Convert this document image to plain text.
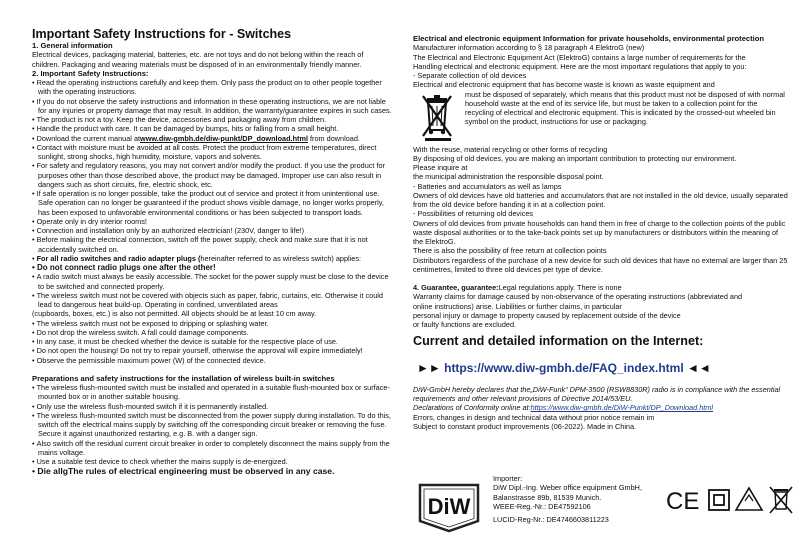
Important Safety Instructions for - Switches
1. General information
Electrical devices, packaging material, batteries, etc. are not toys and do not belong within the reach of children. Packaging and wearing materials must be disposed of in an environmentally friendly manner.
2. Important Safety Instructions:
• Read the operating instructions carefully and keep them. Only pass the product on to other people together with the operating instructions.
• If you do not observe the safety instructions and information in these operating instructions, we are not liable for any injuries or property damage that may result. In addition, the warranty/guarantee expires in such cases.
• The product is not a toy. Keep the device, accessories and packaging away from children.
• Handle the product with care. It can be damaged by bumps, hits or falling from a small height.
• Download the current manual atwww.diw-gmbh.de/diw-punkt/DP_download.html from download.
• Contact with moisture must be avoided at all costs. Protect the product from extreme temperatures, direct sunlight, strong shocks, high humidity, moisture, vapors and solvents.
• For safety and regulatory reasons, you may not convert and/or modify the product. If you use the product for purposes other than those described above, the product may be damaged. Improper use can also result in dangers such as short circuits, fire, electric shock, etc.
• If safe operation is no longer possible, take the product out of service and protect it from unintentional use. Safe operation can no longer be guaranteed if the product shows visible damage, no longer works properly, has been exposed to unfavorable environmental conditions or has been subjected to transport loads.
• Operate only in dry interior rooms!
• Connection and installation only by an authorized electrician! (230V, danger to life!)
• Before making the electrical connection, switch off the power supply, check and make sure that it is not accidentally switched on.
• For all radio switches and radio adapter plugs (hereinafter referred to as wireless switch) applies:
• Do not connect radio plugs one after the other!
• A radio switch must always be easily accessible. The socket for the power supply must be close to the device to be switched and connected properly.
• The wireless switch must not be covered with objects such as paper, fabric, curtains, etc. Otherwise it could lead to dangerous heat build-up. Operating in confined, unventilated areas
(cupboards, boxes, etc.) is also not permitted. All objects should be at least 10 cm away.
• The wireless switch must not be exposed to dripping or splashing water.
• Do not drop the wireless switch. A fall could damage components.
• In any case, it must be checked whether the device is suitable for the respective place of use.
• Do not open the housing! Do not try to repair yourself, otherwise the approval will expire immediately!
• Observe the permissible maximum power (W) of the connected device.
Preparations and safety instructions for the installation of wireless built-in switches
• The wireless flush-mounted switch must be installed and operated in a suitable flush-mounted box or surface-mounted box or in another suitable housing.
• Only use the wireless flush-mounted switch if it is permanently installed.
• The wireless flush-mounted switch must be disconnected from the power supply during installation. To do this, switch off the electrical mains supply by switching off the corresponding circuit breaker or removing the fuse. Secure it against unauthorized restarting, e.g. B. with a danger sign.
• Also switch off the residual current circuit breaker in order to completely disconnect the mains supply from the mains voltage.
• Use a suitable test device to check whether the mains supply is de-energized.
• Die allgThe rules of electrical engineering must be observed in any case.
Electrical and electronic equipment Information for private households, environmental protection
Manufacturer information according to § 18 paragraph 4 ElektroG (new)
The Electrical and Electronic Equipment Act (ElektroG) contains a large number of requirements for the
Handling electrical and electronic equipment. Here are the most important regulations that apply to you:
- Separate collection of old devices
Electrical and electronic equipment that has become waste is known as waste equipment and
must be disposed of separately, which means that this product must not be disposed of with normal household waste at the end of its service life, but must be taken to a collection point for the recycling of electrical and electronic equipment. This is indicated by the crossed-out wheeled bin symbol on the product, instructions for use or packaging.
With the reuse, material recycling or other forms of recycling
By disposing of old devices, you are making an important contribution to protecting our environment.
Please inquire at
the municipal administration the responsible disposal point.
- Batteries and accumulators as well as lamps
Owners of old devices have old batteries and accumulators that are not installed in the old device, usually separated from the old device before handing it in at a collection point.
- Possibilities of returning old devices
Owners of old devices from private households can hand them in free of charge to the collection points of the public waste disposal authorities or to the take-back points set up by manufacturers or distributors within the meaning of the ElektroG.
There is also the possibility of free return at collection points
Distributors regardless of the purchase of a new device for such old devices that have no external are larger than 25 centimetres, limited to three old devices per type of device.
4. Guarantee, guarantee:Legal regulations apply. There is none
Warranty claims for damage caused by non-observance of the operating instructions (abbreviated and
online instructions) arise. Liabilities or further claims, in particular
personal injury or damage to property caused by replacement outside of the device
or faulty functions are excluded.
Current and detailed information on the Internet:
►► https://www.diw-gmbh.de/FAQ_index.html ◄◄
DiW-GmbH hereby declares that the„DiW-Funk“ DPM-3500 (RSW8830R) radio is in compliance with the essential requirements and other relevant provisions of Directive 2014/53/EU.
Declarations of Conformity online at:https://www.diw-gmbh.de/DiW-Punkt/DP_Download.html
Errors, changes in design and technical data without prior notice remain im
Subject to constant product improvements (06-2022). Made in China.
DiW
Importer:
DiW Dipl.-Ing. Weber office equipment GmbH,
Balanstrasse 89b, 81539 Munich.
WEEE-Reg.-Nr.: DE47592106
LUCID-Reg-Nr.: DE4746603811223
CE
